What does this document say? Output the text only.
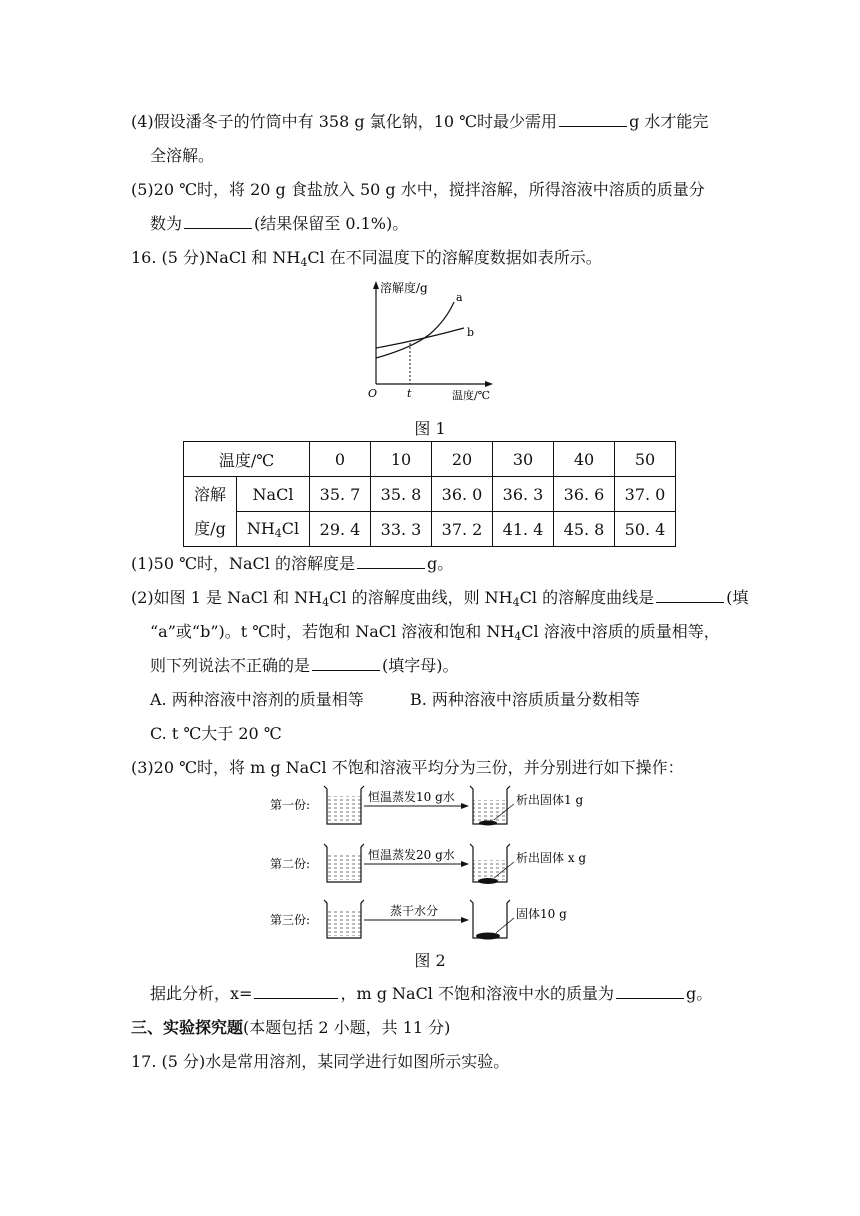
(4)假设潘冬子的竹筒中有 358 g 氯化钠，10 ℃时最少需用	g 水才能完
全溶解。
(5)20 ℃时，将 20 g 食盐放入 50 g 水中，搅拌溶解，所得溶液中溶质的质量分
数为	(结果保留至 0.1%)。
16. (5 分)NaCl 和 $NH_4Cl$ 在不同温度下的溶解度数据如表所示。
溶解度/g
温度/℃
O	t
a
b
图 1
温度/℃		0	10	20	30	40	50

溶解
度/g	NaCl	35. 7	35. 8	36. 0	36. 3	36. 6	37. 0
	$NH_4Cl$	29. 4	33. 3	37. 2	41. 4	45. 8	50. 4
(1)50 ℃时，NaCl 的溶解度是	g。
(2)如图 1 是 NaCl 和 $NH_4Cl$ 的溶解度曲线，则 $NH_4Cl$ 的溶解度曲线是	(填
“a”或“b”)。t ℃时，若饱和 NaCl 溶液和饱和 $NH_4Cl$ 溶液中溶质的质量相等，
则下列说法不正确的是	(填字母)。
A. 两种溶液中溶剂的质量相等	B. 两种溶液中溶质质量分数相等
C. t ℃大于 20 ℃
(3)20 ℃时，将 m g NaCl 不饱和溶液平均分为三份，并分别进行如下操作：
第一份:
恒温蒸发10 g水	析出固体1 g
第二份:
恒温蒸发20 g水	析出固体 x g
第三份:
蒸干水分	固体10 g
图 2
据此分析，x=	，m g NaCl 不饱和溶液中水的质量为	g。
三、实验探究题(本题包括 2 小题，共 11 分)
17. (5 分)水是常用溶剂，某同学进行如图所示实验。
